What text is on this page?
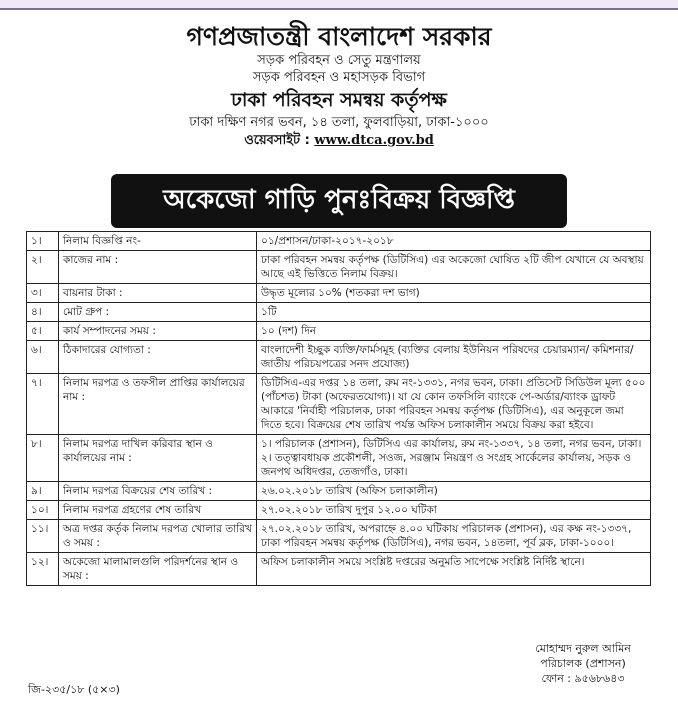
গণপ্রজাতন্ত্রী বাংলাদেশ সরকার
সড়ক পরিবহন ও সেতু মন্ত্রণালয়
সড়ক পরিবহন ও মহাসড়ক বিভাগ
ঢাকা পরিবহন সমন্বয় কর্তৃপক্ষ
ঢাকা দক্ষিণ নগর ভবন, ১৪ তলা, ফুলবাড়িয়া, ঢাকা-১০০০
ওয়েবসাইট : www.dtca.gov.bd
অকেজো গাড়ি পুনঃবিক্রয় বিজ্ঞপ্তি
১।	নিলাম বিজ্ঞপ্তি নং-	০১/প্রশাসন/ঢাকা-২০১৭-২০১৮
২।	কাজের নাম :	ঢাকা পরিবহন সমন্বয় কর্তৃপক্ষ (ডিটিসিএ) এর অকেজো ঘোষিত ২টি জীপ যেখানে যে অবস্থায় আছে এই ভিত্তিতে নিলাম বিক্রয়।
৩।	বায়নার টাকা :	উদ্ধৃত মূল্যের ১০% (শতকরা দশ ভাগ)
৪।	মোট গ্রুপ :	১টি
৫।	কার্য সম্পাদনের সময় :	১০ (দশ) দিন
৬।	ঠিকাদারের যোগ্যতা :	বাংলাদেশী ইচ্ছুক ব্যক্তি/ফার্মসমূহ (ব্যক্তির বেলায় ইউনিয়ন পরিষদের চেয়ারম্যান/ কমিশনার/ জাতীয় পরিচয়পত্রের সনদ প্রযোজ্য)
৭।	নিলাম দরপত্র ও তফসীল প্রাপ্তির কার্যালয়ের নাম :	ডিটিসিএ-এর দপ্তর ১৪ তলা, রুম নং-১৩৩১, নগর ভবন, ঢাকা। প্রতিসেট সিডিউল মূল্য ৫০০ (পাঁচশত) টাকা (অফেরতযোগ্য)। যা যে কোন তফসিলি ব্যাংকে পে-অর্ডার/ব্যাংক ড্রাফট আকারে 'নির্বাহী পরিচালক, ঢাকা পরিবহন সমন্বয় কর্তৃপক্ষ (ডিটিসিএ), এর অনুকূলে জমা দিতে হবে। বিক্রয়ের শেষ তারিখ পর্যন্ত অফিস চলাকালীন সময়ে বিক্রয় করা হইবে।
৮।	নিলাম দরপত্র দাখিল করিবার স্থান ও কার্যালয়ের নাম :	১। পরিচালক (প্রশাসন), ডিটিসিএ এর কার্যালয়, রুম নং-১৩৩৭, ১৪ তলা, নগর ভবন, ঢাকা। ২। তত্ত্বাবধায়ক প্রকৌশলী, সওজ, সরঞ্জাম নিয়ন্ত্রণ ও সংগ্রহ সার্কেলের কার্যালয়, সড়ক ও জনপথ অধিদপ্তর, তেজগাঁও, ঢাকা।
৯।	নিলাম দরপত্র বিক্রয়ের শেষ তারিখ :	২৬.০২.২০১৮ তারিখ (অফিস চলাকালীন)
১০।	নিলাম দরপত্র গ্রহণের শেষ তারিখ	২৭.০২.২০১৮ তারিখ দুপুর ১২.০০ ঘটিকা
১১।	অত্র দপ্তর কর্তৃক নিলাম দরপত্র খোলার তারিখ ও সময় :	২৭.০২.২০১৮ তারিখ, অপরাহ্নে ৪.০০ ঘটিকায় পরিচালক (প্রশাসন), এর কক্ষ নং-১৩৩৭, ঢাকা পরিবহন সমন্বয় কর্তৃপক্ষ (ডিটিসিএ), নগর ভবন, ১৪তলা, পূর্ব ব্লক, ঢাকা-১০০০।
১২।	অকেজো মালামালগুলি পরিদর্শনের স্থান ও সময় :	অফিস চলাকালীন সময়ে সংশ্লিষ্ট দপ্তরের অনুমতি সাপেক্ষে সংশ্লিষ্ট নির্দিষ্ট স্থানে।
মোহাম্মদ নুরুল আমিন
পরিচালক (প্রশাসন)
ফোন : ৯৫৬৮৬৪৩
জি-২৩৫/১৮ (৫×৩)
